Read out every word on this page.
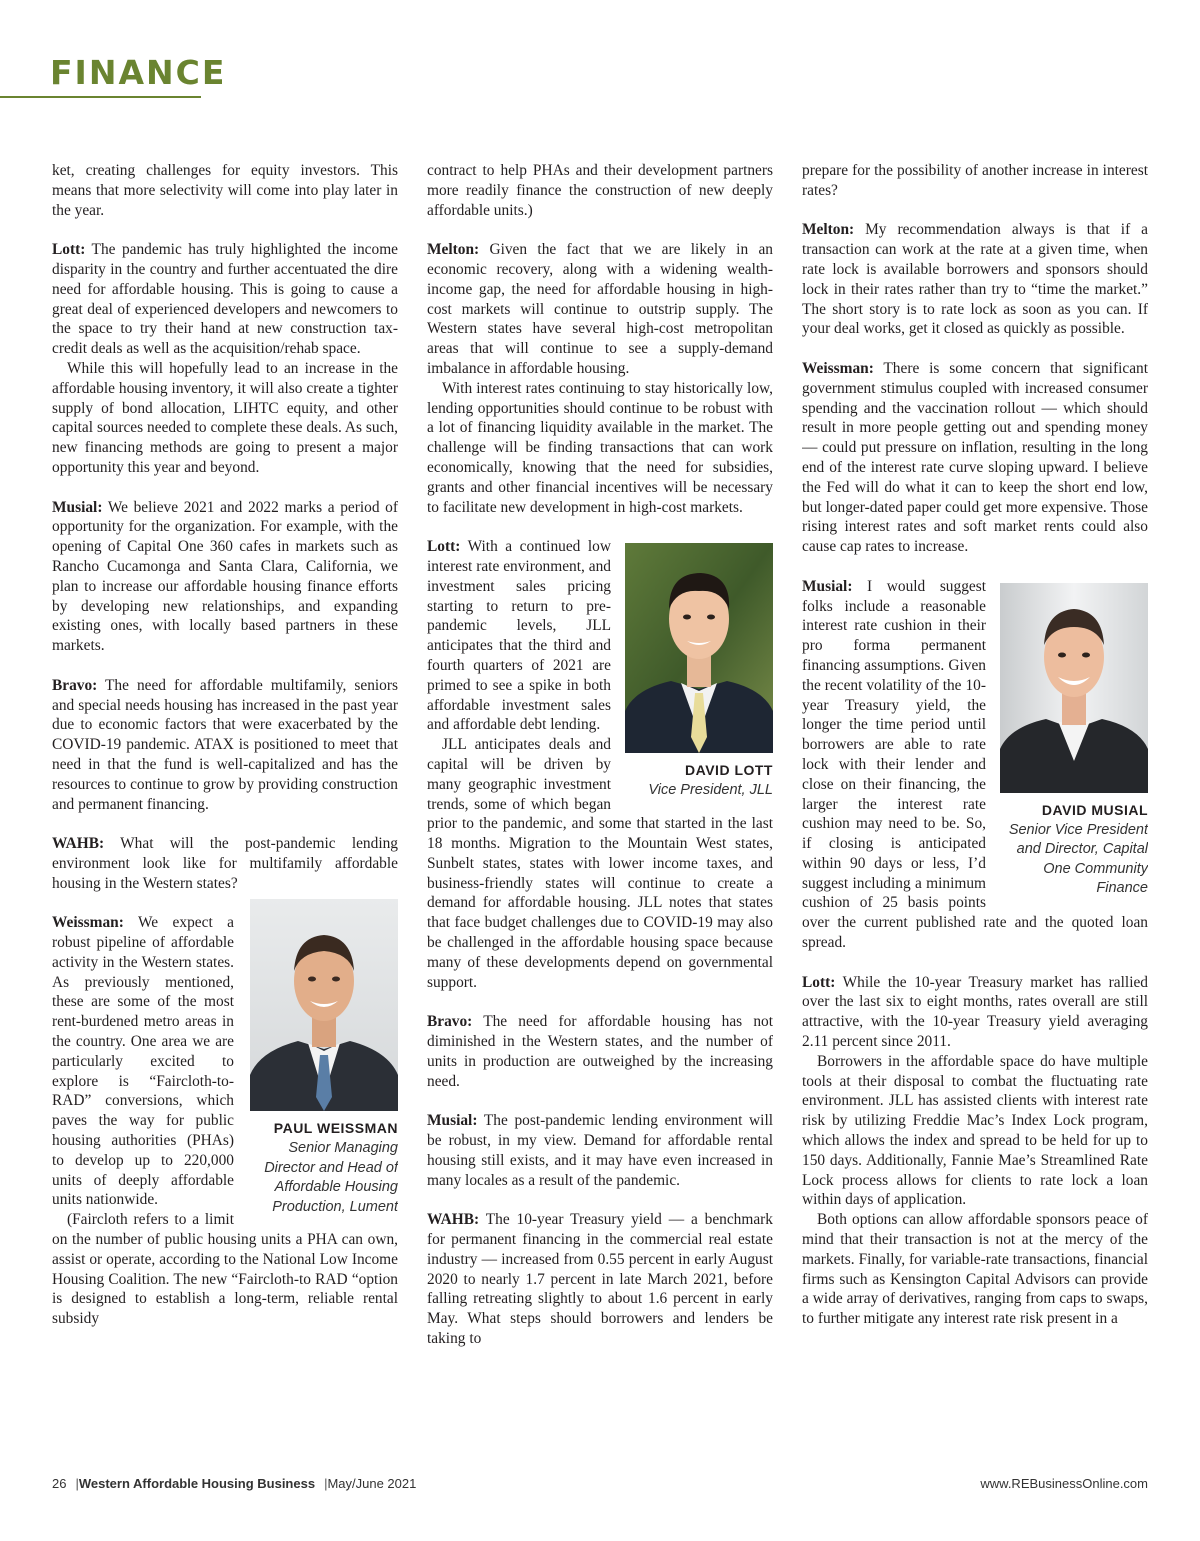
FINANCE

ket, creating challenges for equity investors. This means that more selectivity will come into play later in the year.

Lott: The pandemic has truly highlighted the income disparity in the country and further accentuated the dire need for affordable housing. This is going to cause a great deal of experienced developers and newcomers to the space to try their hand at new construction tax-credit deals as well as the acquisition/rehab space.

While this will hopefully lead to an increase in the affordable housing inventory, it will also create a tighter supply of bond allocation, LIHTC equity, and other capital sources needed to complete these deals. As such, new financing methods are going to present a major opportunity this year and beyond.

Musial: We believe 2021 and 2022 marks a period of opportunity for the organization. For example, with the opening of Capital One 360 cafes in markets such as Rancho Cucamonga and Santa Clara, California, we plan to increase our affordable housing finance efforts by developing new relationships, and expanding existing ones, with locally based partners in these markets.

Bravo: The need for affordable multifamily, seniors and special needs housing has increased in the past year due to economic factors that were exacerbated by the COVID-19 pandemic. ATAX is positioned to meet that need in that the fund is well-capitalized and has the resources to continue to grow by providing construction and permanent financing.

WAHB: What will the post-pandemic lending environment look like for multifamily affordable housing in the Western states?

PAUL WEISSMAN
Senior Managing Director and Head of Affordable Housing Production, Lument

Weissman: We expect a robust pipeline of affordable activity in the Western states. As previously mentioned, these are some of the most rent-burdened metro areas in the country. One area we are particularly excited to explore is “Faircloth-to-RAD” conversions, which paves the way for public housing authorities (PHAs) to develop up to 220,000 units of deeply affordable units nationwide.

(Faircloth refers to a limit on the number of public housing units a PHA can own, assist or operate, according to the National Low Income Housing Coalition. The new “Faircloth-to RAD “option is designed to establish a long-term, reliable rental subsidy

contract to help PHAs and their development partners more readily finance the construction of new deeply affordable units.)

Melton: Given the fact that we are likely in an economic recovery, along with a widening wealth-income gap, the need for affordable housing in high-cost markets will continue to outstrip supply. The Western states have several high-cost metropolitan areas that will continue to see a supply-demand imbalance in affordable housing.

With interest rates continuing to stay historically low, lending opportunities should continue to be robust with a lot of financing liquidity available in the market. The challenge will be finding transactions that can work economically, knowing that the need for subsidies, grants and other financial incentives will be necessary to facilitate new development in high-cost markets.

DAVID LOTT
Vice President, JLL

Lott: With a continued low interest rate environment, and investment sales pricing starting to return to pre-pandemic levels, JLL anticipates that the third and fourth quarters of 2021 are primed to see a spike in both affordable investment sales and affordable debt lending.

JLL anticipates deals and capital will be driven by many geographic investment trends, some of which began prior to the pandemic, and some that started in the last 18 months. Migration to the Mountain West states, Sunbelt states, states with lower income taxes, and business-friendly states will continue to create a demand for affordable housing. JLL notes that states that face budget challenges due to COVID-19 may also be challenged in the affordable housing space because many of these developments depend on governmental support.

Bravo: The need for affordable housing has not diminished in the Western states, and the number of units in production are outweighed by the increasing need.

Musial: The post-pandemic lending environment will be robust, in my view. Demand for affordable rental housing still exists, and it may have even increased in many locales as a result of the pandemic.

WAHB: The 10-year Treasury yield — a benchmark for permanent financing in the commercial real estate industry — increased from 0.55 percent in early August 2020 to nearly 1.7 percent in late March 2021, before falling retreating slightly to about 1.6 percent in early May. What steps should borrowers and lenders be taking to

prepare for the possibility of another increase in interest rates?

Melton: My recommendation always is that if a transaction can work at the rate at a given time, when rate lock is available borrowers and sponsors should lock in their rates rather than try to “time the market.” The short story is to rate lock as soon as you can. If your deal works, get it closed as quickly as possible.

Weissman: There is some concern that significant government stimulus coupled with increased consumer spending and the vaccination rollout — which should result in more people getting out and spending money — could put pressure on inflation, resulting in the long end of the interest rate curve sloping upward. I believe the Fed will do what it can to keep the short end low, but longer-dated paper could get more expensive. Those rising interest rates and soft market rents could also cause cap rates to increase.

DAVID MUSIAL
Senior Vice President and Director, Capital One Community Finance

Musial: I would suggest folks include a reasonable interest rate cushion in their pro forma permanent financing assumptions. Given the recent volatility of the 10-year Treasury yield, the longer the time period until borrowers are able to rate lock with their lender and close on their financing, the larger the interest rate cushion may need to be. So, if closing is anticipated within 90 days or less, I’d suggest including a minimum cushion of 25 basis points over the current published rate and the quoted loan spread.

Lott: While the 10-year Treasury market has rallied over the last six to eight months, rates overall are still attractive, with the 10-year Treasury yield averaging 2.11 percent since 2011.

Borrowers in the affordable space do have multiple tools at their disposal to combat the fluctuating rate environment. JLL has assisted clients with interest rate risk by utilizing Freddie Mac’s Index Lock program, which allows the index and spread to be held for up to 150 days. Additionally, Fannie Mae’s Streamlined Rate Lock process allows for clients to rate lock a loan within days of application.

Both options can allow affordable sponsors peace of mind that their transaction is not at the mercy of the markets. Finally, for variable-rate transactions, financial firms such as Kensington Capital Advisors can provide a wide array of derivatives, ranging from caps to swaps, to further mitigate any interest rate risk present in a

26 |Western Affordable Housing Business |May/June 2021	www.REBusinessOnline.com
